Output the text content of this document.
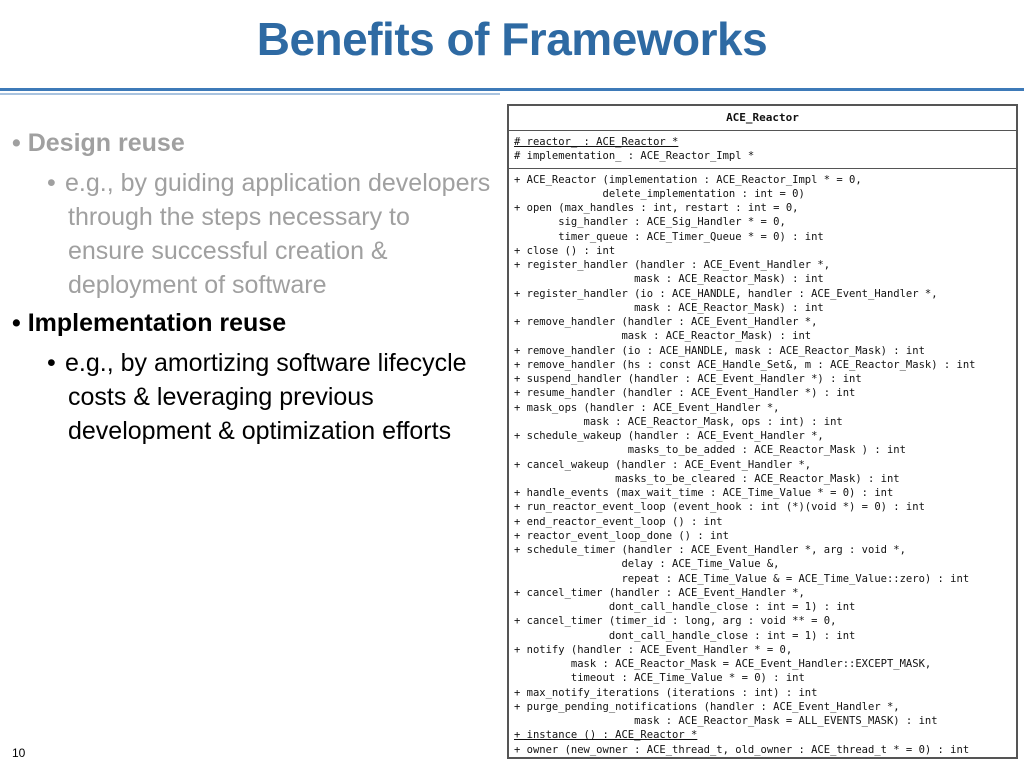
Benefits of Frameworks
• Design reuse
• e.g., by guiding application developers through the steps necessary to ensure successful creation & deployment of software
• Implementation reuse
• e.g., by amortizing software lifecycle costs & leveraging previous development & optimization efforts
ACE_Reactor
# reactor_ : ACE_Reactor *
# implementation_ : ACE_Reactor_Impl *
+ ACE_Reactor (implementation : ACE_Reactor_Impl * = 0,
delete_implementation : int = 0)
+ open (max_handles : int, restart : int = 0,
sig_handler : ACE_Sig_Handler * = 0,
timer_queue : ACE_Timer_Queue * = 0) : int
+ close () : int
+ register_handler (handler : ACE_Event_Handler *,
mask : ACE_Reactor_Mask) : int
+ register_handler (io : ACE_HANDLE, handler : ACE_Event_Handler *,
mask : ACE_Reactor_Mask) : int
+ remove_handler (handler : ACE_Event_Handler *,
mask : ACE_Reactor_Mask) : int
+ remove_handler (io : ACE_HANDLE, mask : ACE_Reactor_Mask) : int
+ remove_handler (hs : const ACE_Handle_Set&, m : ACE_Reactor_Mask) : int
+ suspend_handler (handler : ACE_Event_Handler *) : int
+ resume_handler (handler : ACE_Event_Handler *) : int
+ mask_ops (handler : ACE_Event_Handler *,
mask : ACE_Reactor_Mask, ops : int) : int
+ schedule_wakeup (handler : ACE_Event_Handler *,
masks_to_be_added : ACE_Reactor_Mask ) : int
+ cancel_wakeup (handler : ACE_Event_Handler *,
masks_to_be_cleared : ACE_Reactor_Mask) : int
+ handle_events (max_wait_time : ACE_Time_Value * = 0) : int
+ run_reactor_event_loop (event_hook : int (*)(void *) = 0) : int
+ end_reactor_event_loop () : int
+ reactor_event_loop_done () : int
+ schedule_timer (handler : ACE_Event_Handler *, arg : void *,
delay : ACE_Time_Value &,
repeat : ACE_Time_Value & = ACE_Time_Value::zero) : int
+ cancel_timer (handler : ACE_Event_Handler *,
dont_call_handle_close : int = 1) : int
+ cancel_timer (timer_id : long, arg : void ** = 0,
dont_call_handle_close : int = 1) : int
+ notify (handler : ACE_Event_Handler * = 0,
mask : ACE_Reactor_Mask = ACE_Event_Handler::EXCEPT_MASK,
timeout : ACE_Time_Value * = 0) : int
+ max_notify_iterations (iterations : int) : int
+ purge_pending_notifications (handler : ACE_Event_Handler *,
mask : ACE_Reactor_Mask = ALL_EVENTS_MASK) : int
+ instance () : ACE_Reactor *
+ owner (new_owner : ACE_thread_t, old_owner : ACE_thread_t * = 0) : int
10
